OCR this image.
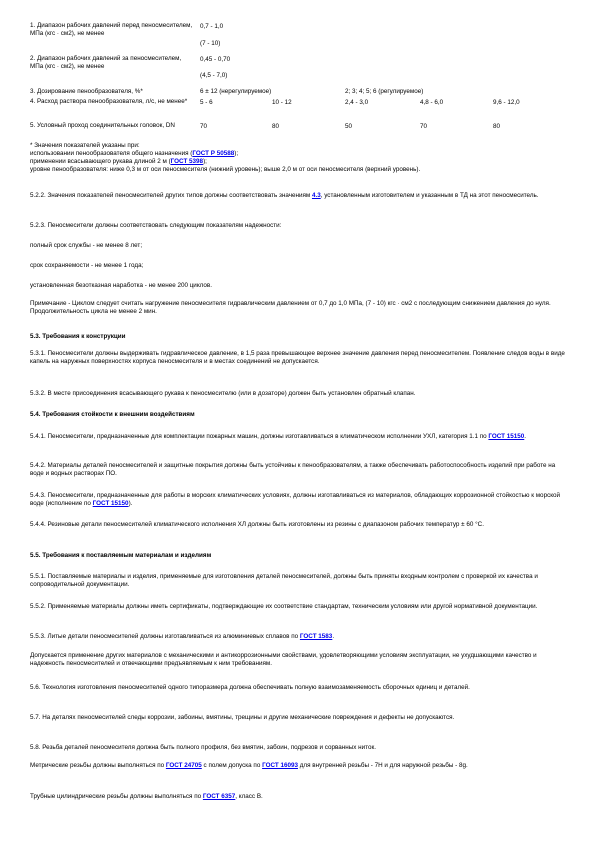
1. Диапазон рабочих давлений перед пеносмесителем, МПа (кгс · см2), не менее
0,7 - 1,0
(7 - 10)
2. Диапазон рабочих давлений за пеносмесителем, МПа (кгс · см2), не менее
0,45 - 0,70
(4,5 - 7,0)
3. Дозирование пенообразователя, %*	6 ± 12 (нерегулируемое)	2; 3; 4; 5; 6 (регулируемое)
4. Расход раствора пенообразователя, л/с, не менее*	5 - 6	10 - 12	2,4 - 3,0	4,8 - 6,0	9,6 - 12,0
5. Условный проход соединительных головок, DN	70	80	50	70	80
* Значения показателей указаны при:
использовании пенообразователя общего назначения (ГОСТ Р 50588);
применении всасывающего рукава длиной 2 м (ГОСТ 5398);
уровне пенообразователя: ниже 0,3 м от оси пеносмесителя (нижний уровень); выше 2,0 м от оси пеносмесителя (верхний уровень).
5.2.2. Значения показателей пеносмесителей других типов должны соответствовать значениям 4.3, установленным изготовителем и указанным в ТД на этот пеносмеситель.
5.2.3. Пеносмесители должны соответствовать следующим показателям надежности:
полный срок службы - не менее 8 лет;
срок сохраняемости - не менее 1 года;
установленная безотказная наработка - не менее 200 циклов.
Примечание - Циклом следует считать нагружение пеносмесителя гидравлическим давлением от 0,7 до 1,0 МПа, (7 - 10) кгс · см2 с последующим снижением давления до нуля. Продолжительность цикла не менее 2 мин.
5.3. Требования к конструкции
5.3.1. Пеносмесители должны выдерживать гидравлическое давление, в 1,5 раза превышающее верхнее значение давления перед пеносмесителем. Появление следов воды в виде капель на наружных поверхностях корпуса пеносмесителя и в местах соединений не допускается.
5.3.2. В месте присоединения всасывающего рукава к пеносмесителю (или в дозаторе) должен быть установлен обратный клапан.
5.4. Требования стойкости к внешним воздействиям
5.4.1. Пеносмесители, предназначенные для комплектации пожарных машин, должны изготавливаться в климатическом исполнении УХЛ, категория 1.1 по ГОСТ 15150.
5.4.2. Материалы деталей пеносмесителей и защитные покрытия должны быть устойчивы к пенообразователям, а также обеспечивать работоспособность изделий при работе на воде и водных растворах ПО.
5.4.3. Пеносмесители, предназначенные для работы в морских климатических условиях, должны изготавливаться из материалов, обладающих коррозионной стойкостью к морской воде (исполнение по ГОСТ 15150).
5.4.4. Резиновые детали пеносмесителей климатического исполнения ХЛ должны быть изготовлены из резины с диапазоном рабочих температур ± 60 °С.
5.5. Требования к поставляемым материалам и изделиям
5.5.1. Поставляемые материалы и изделия, применяемые для изготовления деталей пеносмесителей, должны быть приняты входным контролем с проверкой их качества и сопроводительной документации.
5.5.2. Применяемые материалы должны иметь сертификаты, подтверждающие их соответствие стандартам, техническим условиям или другой нормативной документации.
5.5.3. Литые детали пеносмесителей должны изготавливаться из алюминиевых сплавов по ГОСТ 1583.
Допускается применение других материалов с механическими и антикоррозионными свойствами, удовлетворяющими условиям эксплуатации, не ухудшающими качество и надежность пеносмесителей и отвечающими предъявляемым к ним требованиям.
5.6. Технология изготовления пеносмесителей одного типоразмера должна обеспечивать полную взаимозаменяемость сборочных единиц и деталей.
5.7. На деталях пеносмесителей следы коррозии, забоины, вмятины, трещины и другие механические повреждения и дефекты не допускаются.
5.8. Резьба деталей пеносмесителя должна быть полного профиля, без вмятин, забоин, подрезов и сорванных ниток.
Метрические резьбы должны выполняться по ГОСТ 24705 с полем допуска по ГОСТ 16093 для внутренней резьбы - 7Н и для наружной резьбы - 8g.
Трубные цилиндрические резьбы должны выполняться по ГОСТ 6357, класс В.
